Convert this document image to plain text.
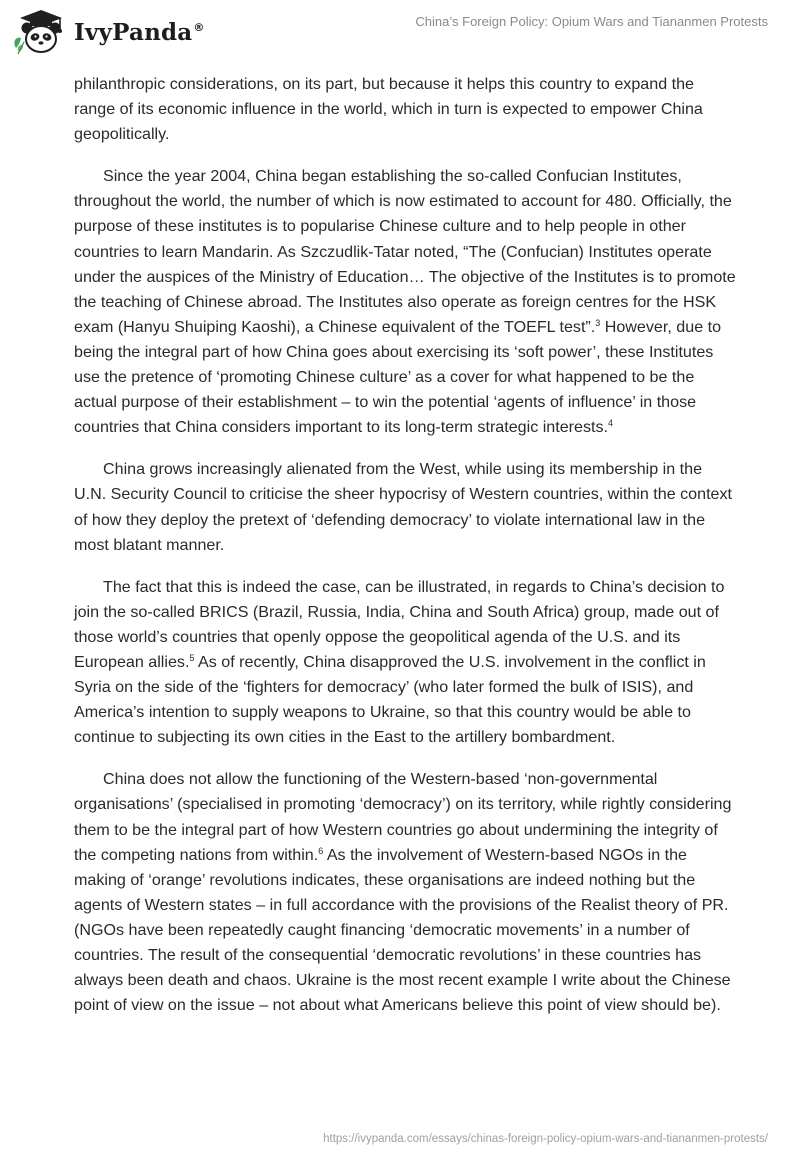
IvyPanda®	China’s Foreign Policy: Opium Wars and Tiananmen Protests

philanthropic considerations, on its part, but because it helps this country to expand the range of its economic influence in the world, which in turn is expected to empower China geopolitically.

Since the year 2004, China began establishing the so-called Confucian Institutes, throughout the world, the number of which is now estimated to account for 480. Officially, the purpose of these institutes is to popularise Chinese culture and to help people in other countries to learn Mandarin. As Szczudlik-Tatar noted, “The (Confucian) Institutes operate under the auspices of the Ministry of Education… The objective of the Institutes is to promote the teaching of Chinese abroad. The Institutes also operate as foreign centres for the HSK exam (Hanyu Shuiping Kaoshi), a Chinese equivalent of the TOEFL test”.$^3$ However, due to being the integral part of how China goes about exercising its ‘soft power’, these Institutes use the pretence of ‘promoting Chinese culture’ as a cover for what happened to be the actual purpose of their establishment – to win the potential ‘agents of influence’ in those countries that China considers important to its long-term strategic interests.$^4$

China grows increasingly alienated from the West, while using its membership in the U.N. Security Council to criticise the sheer hypocrisy of Western countries, within the context of how they deploy the pretext of ‘defending democracy’ to violate international law in the most blatant manner.

The fact that this is indeed the case, can be illustrated, in regards to China’s decision to join the so-called BRICS (Brazil, Russia, India, China and South Africa) group, made out of those world’s countries that openly oppose the geopolitical agenda of the U.S. and its European allies.$^5$ As of recently, China disapproved the U.S. involvement in the conflict in Syria on the side of the ‘fighters for democracy’ (who later formed the bulk of ISIS), and America’s intention to supply weapons to Ukraine, so that this country would be able to continue to subjecting its own cities in the East to the artillery bombardment.

China does not allow the functioning of the Western-based ‘non-governmental organisations’ (specialised in promoting ‘democracy’) on its territory, while rightly considering them to be the integral part of how Western countries go about undermining the integrity of the competing nations from within.$^6$ As the involvement of Western-based NGOs in the making of ‘orange’ revolutions indicates, these organisations are indeed nothing but the agents of Western states – in full accordance with the provisions of the Realist theory of PR. (NGOs have been repeatedly caught financing ‘democratic movements’ in a number of countries. The result of the consequential ‘democratic revolutions’ in these countries has always been death and chaos. Ukraine is the most recent example I write about the Chinese point of view on the issue – not about what Americans believe this point of view should be).

https://ivypanda.com/essays/chinas-foreign-policy-opium-wars-and-tiananmen-protests/
